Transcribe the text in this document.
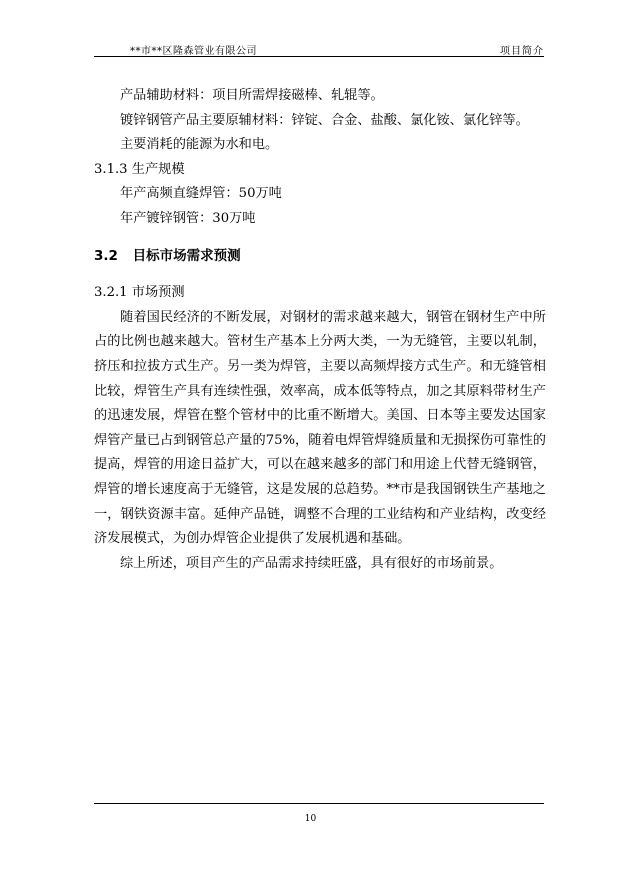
**市**区隆森管业有限公司	项目简介

产品辅助材料：项目所需焊接磁棒、轧辊等。

镀锌钢管产品主要原辅材料：锌锭、合金、盐酸、氯化铵、氯化锌等。

主要消耗的能源为水和电。

3.1.3 生产规模

年产高频直缝焊管：50万吨

年产镀锌钢管：30万吨

3.2 目标市场需求预测

3.2.1 市场预测

随着国民经济的不断发展，对钢材的需求越来越大，钢管在钢材生产中所占的比例也越来越大。管材生产基本上分两大类，一为无缝管，主要以轧制，挤压和拉拔方式生产。另一类为焊管，主要以高频焊接方式生产。和无缝管相比较，焊管生产具有连续性强，效率高，成本低等特点，加之其原料带材生产的迅速发展，焊管在整个管材中的比重不断增大。美国、日本等主要发达国家焊管产量已占到钢管总产量的75%，随着电焊管焊缝质量和无损探伤可靠性的提高，焊管的用途日益扩大，可以在越来越多的部门和用途上代替无缝钢管，焊管的增长速度高于无缝管，这是发展的总趋势。**市是我国钢铁生产基地之一，钢铁资源丰富。延伸产品链，调整不合理的工业结构和产业结构，改变经济发展模式，为创办焊管企业提供了发展机遇和基础。

综上所述，项目产生的产品需求持续旺盛，具有很好的市场前景。

10
